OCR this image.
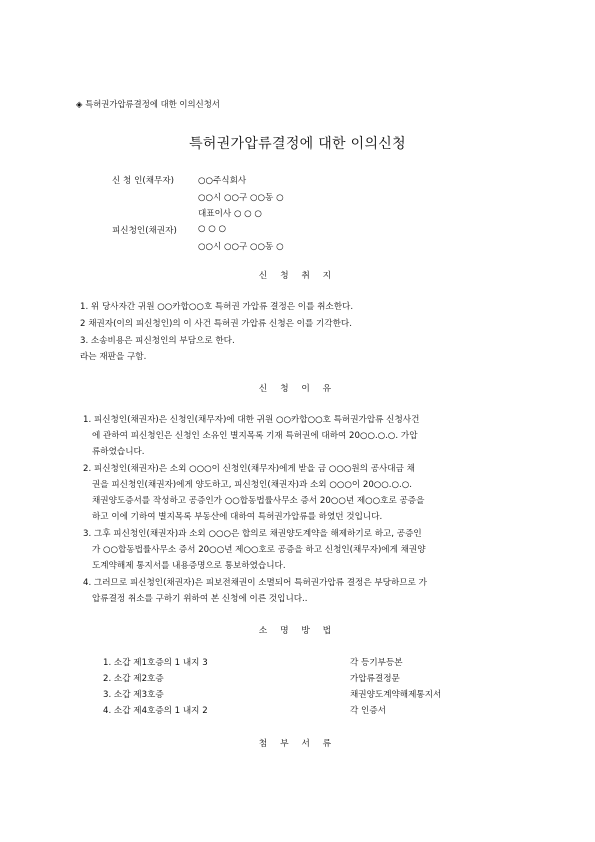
◈ 특허권가압류결정에 대한 이의신청서
특허권가압류결정에 대한 이의신청
신 청 인(채무자)	○○주식회사
○○시 ○○구 ○○동 ○
대표이사 ○ ○ ○
피신청인(채권자) ○ ○ ○
○○시 ○○구 ○○동 ○
신 청 취 지
1. 위 당사자간 귀원 ○○카합○○호 특허권 가압류 결정은 이를 취소한다.
2 채권자(이의 피신청인)의 이 사건 특허권 가압류 신청은 이를 기각한다.
3. 소송비용은 피신청인의 부담으로 한다.
라는 재판을 구함.
신 청 이 유
1. 피신청인(채권자)은 신청인(채무자)에 대한 귀원 ○○카합○○호 특허권가압류 신청사건
에 관하여 피신청인은 신청인 소유인 별지목록 기재 특허권에 대하여 20○○.○.○. 가압
류하였습니다.
2. 피신청인(채권자)은 소외 ○○○이 신청인(채무자)에게 받을 금 ○○○원의 공사대금 채
권을 피신청인(채권자)에게 양도하고, 피신청인(채권자)과 소외 ○○○이 20○○.○.○.
채권양도증서를 작성하고 공증인가 ○○합동법률사무소 증서 20○○년 제○○호로 공증을
하고 이에 기하여 별지목록 부동산에 대하여 특허권가압류를 하였던 것입니다.
3. 그후 피신청인(채권자)과 소외 ○○○은 합의로 채권양도계약을 해제하기로 하고, 공증인
가 ○○합동법률사무소 증서 20○○년 제○○호로 공증을 하고 신청인(채무자)에게 채권양
도계약해제 통지서를 내용증명으로 통보하였습니다.
4. 그러므로 피신청인(채권자)은 피보전채권이 소멸되어 특허권가압류 결정은 부당하므로 가
압류결정 취소를 구하기 위하여 본 신청에 이른 것입니다..
소 명 방 법
1. 소갑 제1호증의 1 내지 3	각 등기부등본
2. 소갑 제2호증	가압류결정문
3. 소갑 제3호증	채권양도계약해제통지서
4. 소갑 제4호증의 1 내지 2	각 인증서
첨 부 서 류
